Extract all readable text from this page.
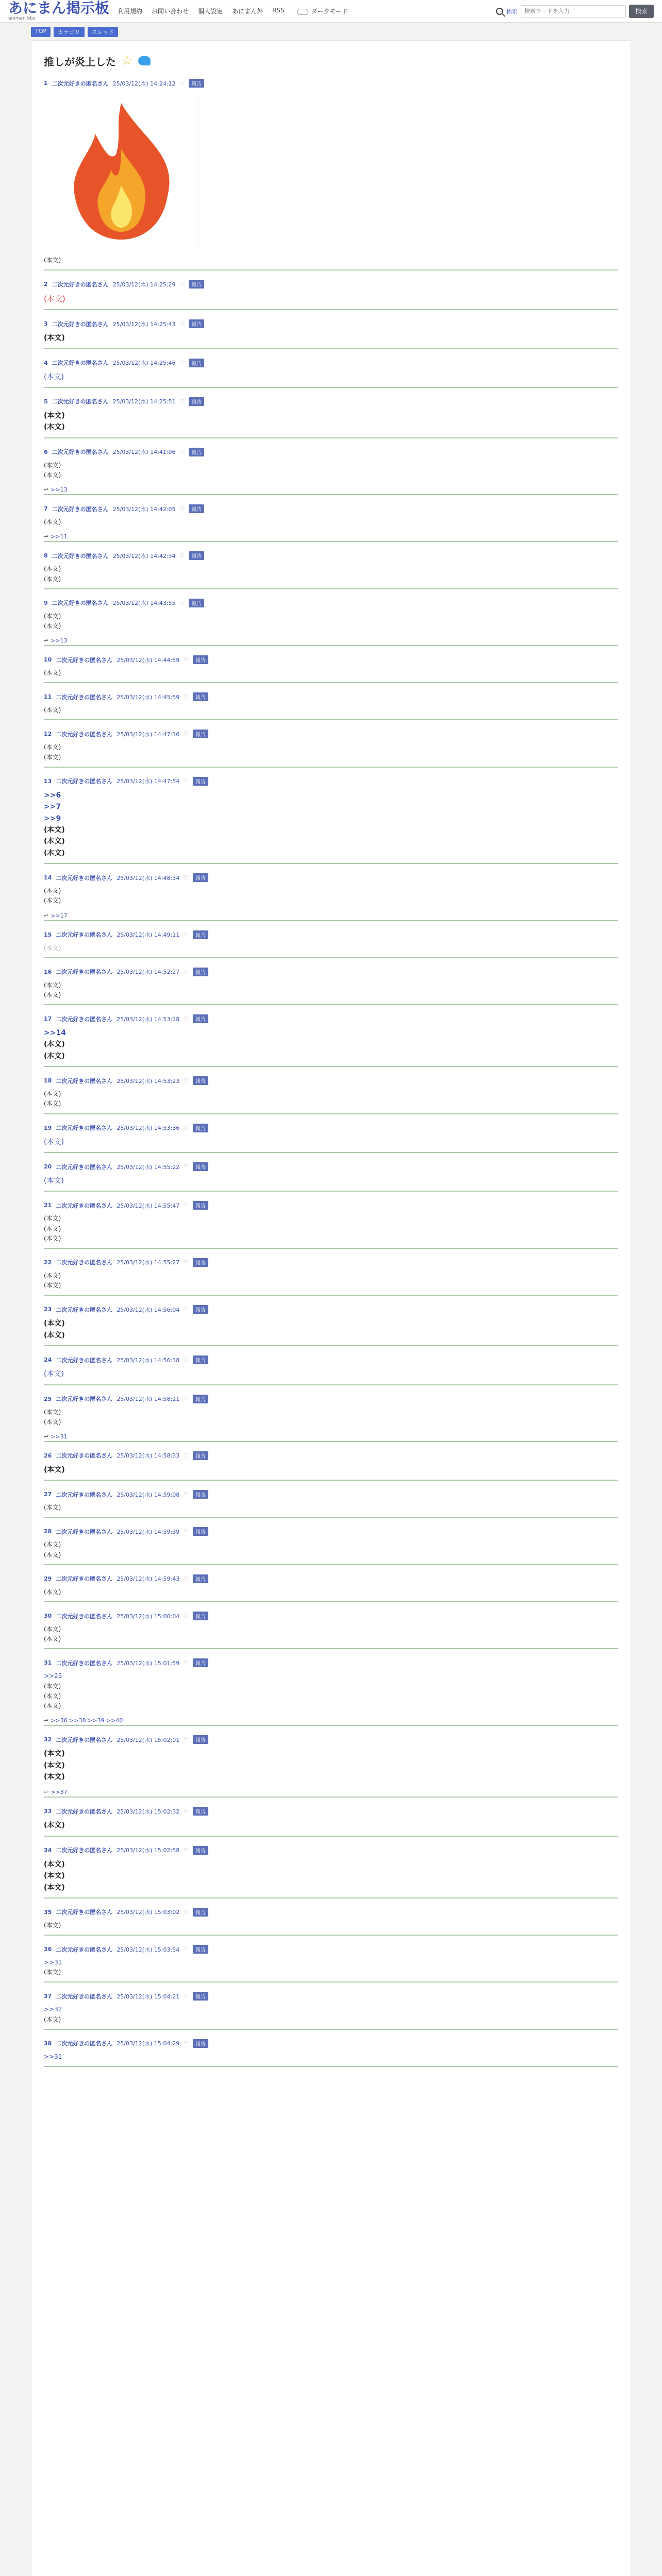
あにまん掲示板
animan bbs
利用規約 お問い合わせ 個人設定 あにまん外 RSS	ダークモード	検索
検索ワードを入力	検索
TOP	カテゴリ	スレッド
推しが炎上した ☆
1 二次元好きの匿名さん 25/03/12(水) 14:24:12 ♡	報告
(本文)
2 二次元好きの匿名さん 25/03/12(水) 14:25:29 ♡	報告
(本文)
3 二次元好きの匿名さん 25/03/12(水) 14:25:43 ♡	報告
(本文)
4 二次元好きの匿名さん 25/03/12(水) 14:25:46 ♡	報告
(本文)
5 二次元好きの匿名さん 25/03/12(水) 14:25:51 ♡	報告
(本文)
(本文)
6 二次元好きの匿名さん 25/03/12(水) 14:41:06 ♡	報告
(本文)
(本文)
↩ >>13
7 二次元好きの匿名さん 25/03/12(水) 14:42:05 ♡	報告
(本文)
↩ >>11
8 二次元好きの匿名さん 25/03/12(水) 14:42:34 ♡	報告
(本文)
(本文)
9 二次元好きの匿名さん 25/03/12(水) 14:43:55 ♡	報告
(本文)
(本文)
↩ >>13
10 二次元好きの匿名さん 25/03/12(水) 14:44:59 ♡	報告
(本文)
11 二次元好きの匿名さん 25/03/12(水) 14:45:59 ♡	報告
(本文)
12 二次元好きの匿名さん 25/03/12(水) 14:47:16 ♡	報告
(本文)
(本文)
13 二次元好きの匿名さん 25/03/12(水) 14:47:54 ♡	報告
>>6
>>7
>>9
(本文)
(本文)
(本文)
14 二次元好きの匿名さん 25/03/12(水) 14:48:34 ♡	報告
(本文)
(本文)
↩ >>17
15 二次元好きの匿名さん 25/03/12(水) 14:49:11 ♡	報告
(本文)
16 二次元好きの匿名さん 25/03/12(水) 14:52:27 ♡	報告
(本文)
(本文)
17 二次元好きの匿名さん 25/03/12(水) 14:53:18 ♡	報告
>>14
(本文)
(本文)
18 二次元好きの匿名さん 25/03/12(水) 14:53:23 ♡	報告
(本文)
(本文)
19 二次元好きの匿名さん 25/03/12(水) 14:53:36 ♡	報告
(本文)
20 二次元好きの匿名さん 25/03/12(水) 14:55:22 ♡	報告
(本文)
21 二次元好きの匿名さん 25/03/12(水) 14:55:47 ♡	報告
(本文)
(本文)
(本文)
22 二次元好きの匿名さん 25/03/12(水) 14:55:27 ♡	報告
(本文)
(本文)
23 二次元好きの匿名さん 25/03/12(水) 14:56:04 ♡	報告
(本文)
(本文)
24 二次元好きの匿名さん 25/03/12(水) 14:56:38 ♡	報告
(本文)
25 二次元好きの匿名さん 25/03/12(水) 14:58:11 ♡	報告
(本文)
(本文)
↩ >>31
26 二次元好きの匿名さん 25/03/12(水) 14:58:33 ♡	報告
(本文)
27 二次元好きの匿名さん 25/03/12(水) 14:59:08 ♡	報告
(本文)
28 二次元好きの匿名さん 25/03/12(水) 14:59:39 ♡	報告
(本文)
(本文)
29 二次元好きの匿名さん 25/03/12(水) 14:59:43 ♡	報告
(本文)
30 二次元好きの匿名さん 25/03/12(水) 15:00:04 ♡	報告
(本文)
(本文)
31 二次元好きの匿名さん 25/03/12(水) 15:01:59 ♡	報告
>>25
(本文)
(本文)
(本文)
↩ >>36 >>38 >>39 >>40
32 二次元好きの匿名さん 25/03/12(水) 15:02:01 ♡	報告
(本文)
(本文)
(本文)
↩ >>37
33 二次元好きの匿名さん 25/03/12(水) 15:02:32 ♡	報告
(本文)
34 二次元好きの匿名さん 25/03/12(水) 15:02:58 ♡	報告
(本文)
(本文)
(本文)
35 二次元好きの匿名さん 25/03/12(水) 15:03:02 ♡	報告
(本文)
36 二次元好きの匿名さん 25/03/12(水) 15:03:54 ♡	報告
>>31
(本文)
37 二次元好きの匿名さん 25/03/12(水) 15:04:21 ♡	報告
>>32
(本文)
38 二次元好きの匿名さん 25/03/12(水) 15:04:29 ♡	報告
>>31
